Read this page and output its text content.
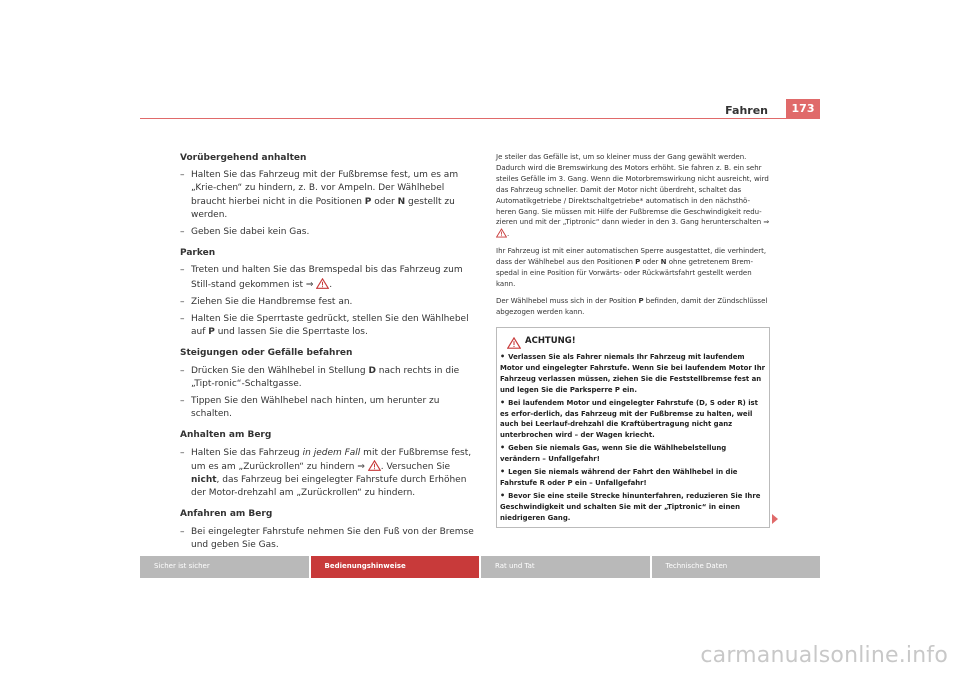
Fahren	173
Vorübergehend anhalten
– Halten Sie das Fahrzeug mit der Fußbremse fest, um es am „Krie-chen“ zu hindern, z. B. vor Ampeln. Der Wählhebel braucht hierbei nicht in die Positionen P oder N gestellt zu werden.
– Geben Sie dabei kein Gas.
Parken
– Treten und halten Sie das Bremspedal bis das Fahrzeug zum Still-stand gekommen ist ⇒ .
– Ziehen Sie die Handbremse fest an.
– Halten Sie die Sperrtaste gedrückt, stellen Sie den Wählhebel auf P und lassen Sie die Sperrtaste los.
Steigungen oder Gefälle befahren
– Drücken Sie den Wählhebel in Stellung D nach rechts in die „Tipt-ronic“-Schaltgasse.
– Tippen Sie den Wählhebel nach hinten, um herunter zu schalten.
Anhalten am Berg
– Halten Sie das Fahrzeug in jedem Fall mit der Fußbremse fest, um es am „Zurückrollen“ zu hindern ⇒ . Versuchen Sie nicht, das Fahrzeug bei eingelegter Fahrstufe durch Erhöhen der Motor-drehzahl am „Zurückrollen“ zu hindern.
Anfahren am Berg
– Bei eingelegter Fahrstufe nehmen Sie den Fuß von der Bremse und geben Sie Gas.

Je steiler das Gefälle ist, um so kleiner muss der Gang gewählt werden. Dadurch wird die Bremswirkung des Motors erhöht. Sie fahren z. B. ein sehr steiles Gefälle im 3. Gang. Wenn die Motorbremswirkung nicht ausreicht, wird das Fahrzeug schneller. Damit der Motor nicht überdreht, schaltet das Automatikgetriebe / Direktschaltgetriebe* automatisch in den nächsthö-heren Gang. Sie müssen mit Hilfe der Fußbremse die Geschwindigkeit redu-zieren und mit der „Tiptronic“ dann wieder in den 3. Gang herunterschalten ⇒
.

Ihr Fahrzeug ist mit einer automatischen Sperre ausgestattet, die verhindert, dass der Wählhebel aus den Positionen P oder N ohne getretenem Brem-spedal in eine Position für Vorwärts- oder Rückwärtsfahrt gestellt werden kann.

Der Wählhebel muss sich in der Position P befinden, damit der Zündschlüssel abgezogen werden kann.

ACHTUNG!
• Verlassen Sie als Fahrer niemals Ihr Fahrzeug mit laufendem Motor und eingelegter Fahrstufe. Wenn Sie bei laufendem Motor Ihr Fahrzeug verlassen müssen, ziehen Sie die Feststellbremse fest an und legen Sie die Parksperre P ein.
• Bei laufendem Motor und eingelegter Fahrstufe (D, S oder R) ist es erfor-derlich, das Fahrzeug mit der Fußbremse zu halten, weil auch bei Leerlauf-drehzahl die Kraftübertragung nicht ganz unterbrochen wird – der Wagen kriecht.
• Geben Sie niemals Gas, wenn Sie die Wählhebelstellung verändern – Unfallgefahr!
• Legen Sie niemals während der Fahrt den Wählhebel in die Fahrstufe R oder P ein – Unfallgefahr!
• Bevor Sie eine steile Strecke hinunterfahren, reduzieren Sie Ihre Geschwindigkeit und schalten Sie mit der „Tiptronic“ in einen niedrigeren Gang.
Sicher ist sicher	Bedienungshinweise	Rat und Tat	Technische Daten
carmanualsonline.info
